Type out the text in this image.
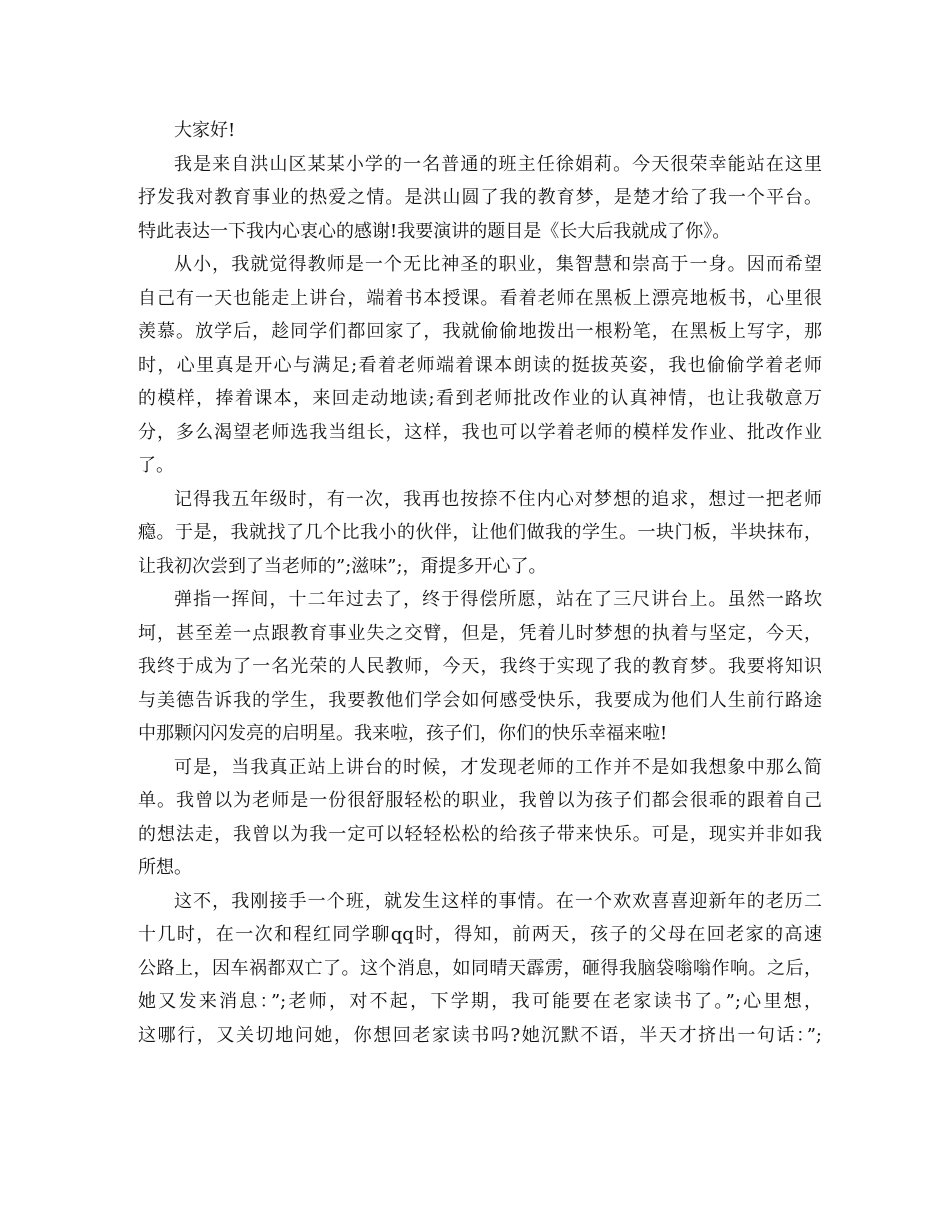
大家好!
我是来自洪山区某某小学的一名普通的班主任徐娟莉。今天很荣幸能站在这里
抒发我对教育事业的热爱之情。是洪山圆了我的教育梦，是楚才给了我一个平台。
特此表达一下我内心衷心的感谢!我要演讲的题目是《长大后我就成了你》。
从小，我就觉得教师是一个无比神圣的职业，集智慧和崇高于一身。因而希望
自己有一天也能走上讲台，端着书本授课。看着老师在黑板上漂亮地板书，心里很
羡慕。放学后，趁同学们都回家了，我就偷偷地拨出一根粉笔，在黑板上写字，那
时，心里真是开心与满足;看着老师端着课本朗读的挺拔英姿，我也偷偷学着老师
的模样，捧着课本，来回走动地读;看到老师批改作业的认真神情，也让我敬意万
分，多么渴望老师选我当组长，这样，我也可以学着老师的模样发作业、批改作业
了。
记得我五年级时，有一次，我再也按捺不住内心对梦想的追求，想过一把老师
瘾。于是，我就找了几个比我小的伙伴，让他们做我的学生。一块门板，半块抹布，
让我初次尝到了当老师的”;滋味”;，甭提多开心了。
弹指一挥间，十二年过去了，终于得偿所愿，站在了三尺讲台上。虽然一路坎
坷，甚至差一点跟教育事业失之交臂，但是，凭着儿时梦想的执着与坚定，今天，
我终于成为了一名光荣的人民教师，今天，我终于实现了我的教育梦。我要将知识
与美德告诉我的学生，我要教他们学会如何感受快乐，我要成为他们人生前行路途
中那颗闪闪发亮的启明星。我来啦，孩子们，你们的快乐幸福来啦!
可是，当我真正站上讲台的时候，才发现老师的工作并不是如我想象中那么简
单。我曾以为老师是一份很舒服轻松的职业，我曾以为孩子们都会很乖的跟着自己
的想法走，我曾以为我一定可以轻轻松松的给孩子带来快乐。可是，现实并非如我
所想。
这不，我刚接手一个班，就发生这样的事情。在一个欢欢喜喜迎新年的老历二
十几时，在一次和程红同学聊qq时，得知，前两天，孩子的父母在回老家的高速
公路上，因车祸都双亡了。这个消息，如同晴天霹雳，砸得我脑袋嗡嗡作响。之后，
她又发来消息：”;老师，对不起，下学期，我可能要在老家读书了。”;心里想，
这哪行，又关切地问她，你想回老家读书吗?她沉默不语，半天才挤出一句话：”;
